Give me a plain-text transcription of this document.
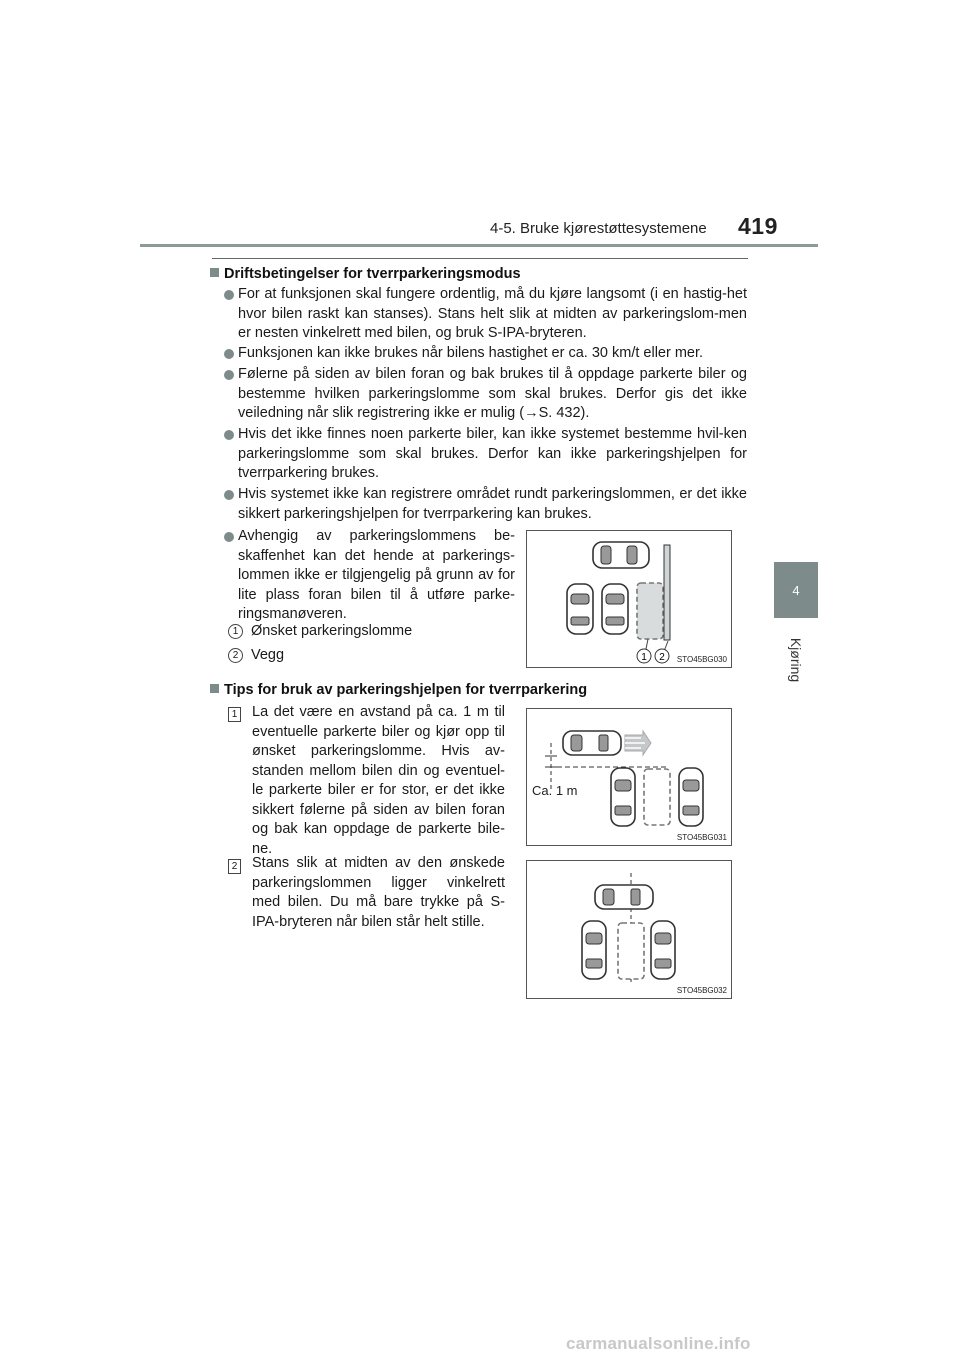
4-5. Bruke kjørestøttesystemene 419
4
Kjøring
Driftsbetingelser for tverrparkeringsmodus

For at funksjonen skal fungere ordentlig, må du kjøre langsomt (i en hastig-het hvor bilen raskt kan stanses). Stans helt slik at midten av parkeringslom-men er nesten vinkelrett med bilen, og bruk S-IPA-bryteren.

Funksjonen kan ikke brukes når bilens hastighet er ca. 30 km/t eller mer.

Følerne på siden av bilen foran og bak brukes til å oppdage parkerte biler og bestemme hvilken parkeringslomme som skal brukes. Derfor gis det ikke veiledning når slik registrering ikke er mulig (→S. 432).

Hvis det ikke finnes noen parkerte biler, kan ikke systemet bestemme hvil-ken parkeringslomme som skal brukes. Derfor kan ikke parkeringshjelpen for tverrparkering brukes.

Hvis systemet ikke kan registrere området rundt parkeringslommen, er det ikke sikkert parkeringshjelpen for tverrparkering kan brukes.

Avhengig av parkeringslommens be-skaffenhet kan det hende at parkerings-lommen ikke er tilgjengelig på grunn av for lite plass foran bilen til å utføre parke-ringsmanøveren.

1 Ønsket parkeringslomme
2 Vegg	1 2 STO45BG030
Tips for bruk av parkeringshjelpen for tverrparkering
1 La det være en avstand på ca. 1 m til eventuelle parkerte biler og kjør opp til ønsket parkeringslomme. Hvis av-standen mellom bilen din og eventuel-le parkerte biler er for stor, er det ikke sikkert følerne på siden av bilen foran og bak kan oppdage de parkerte bile-ne.
Ca. 1 m
STO45BG031
2 Stans slik at midten av den ønskede parkeringslommen ligger vinkelrett med bilen. Du må bare trykke på S-IPA-bryteren når bilen står helt stille.
STO45BG032
carmanualsonline.info
